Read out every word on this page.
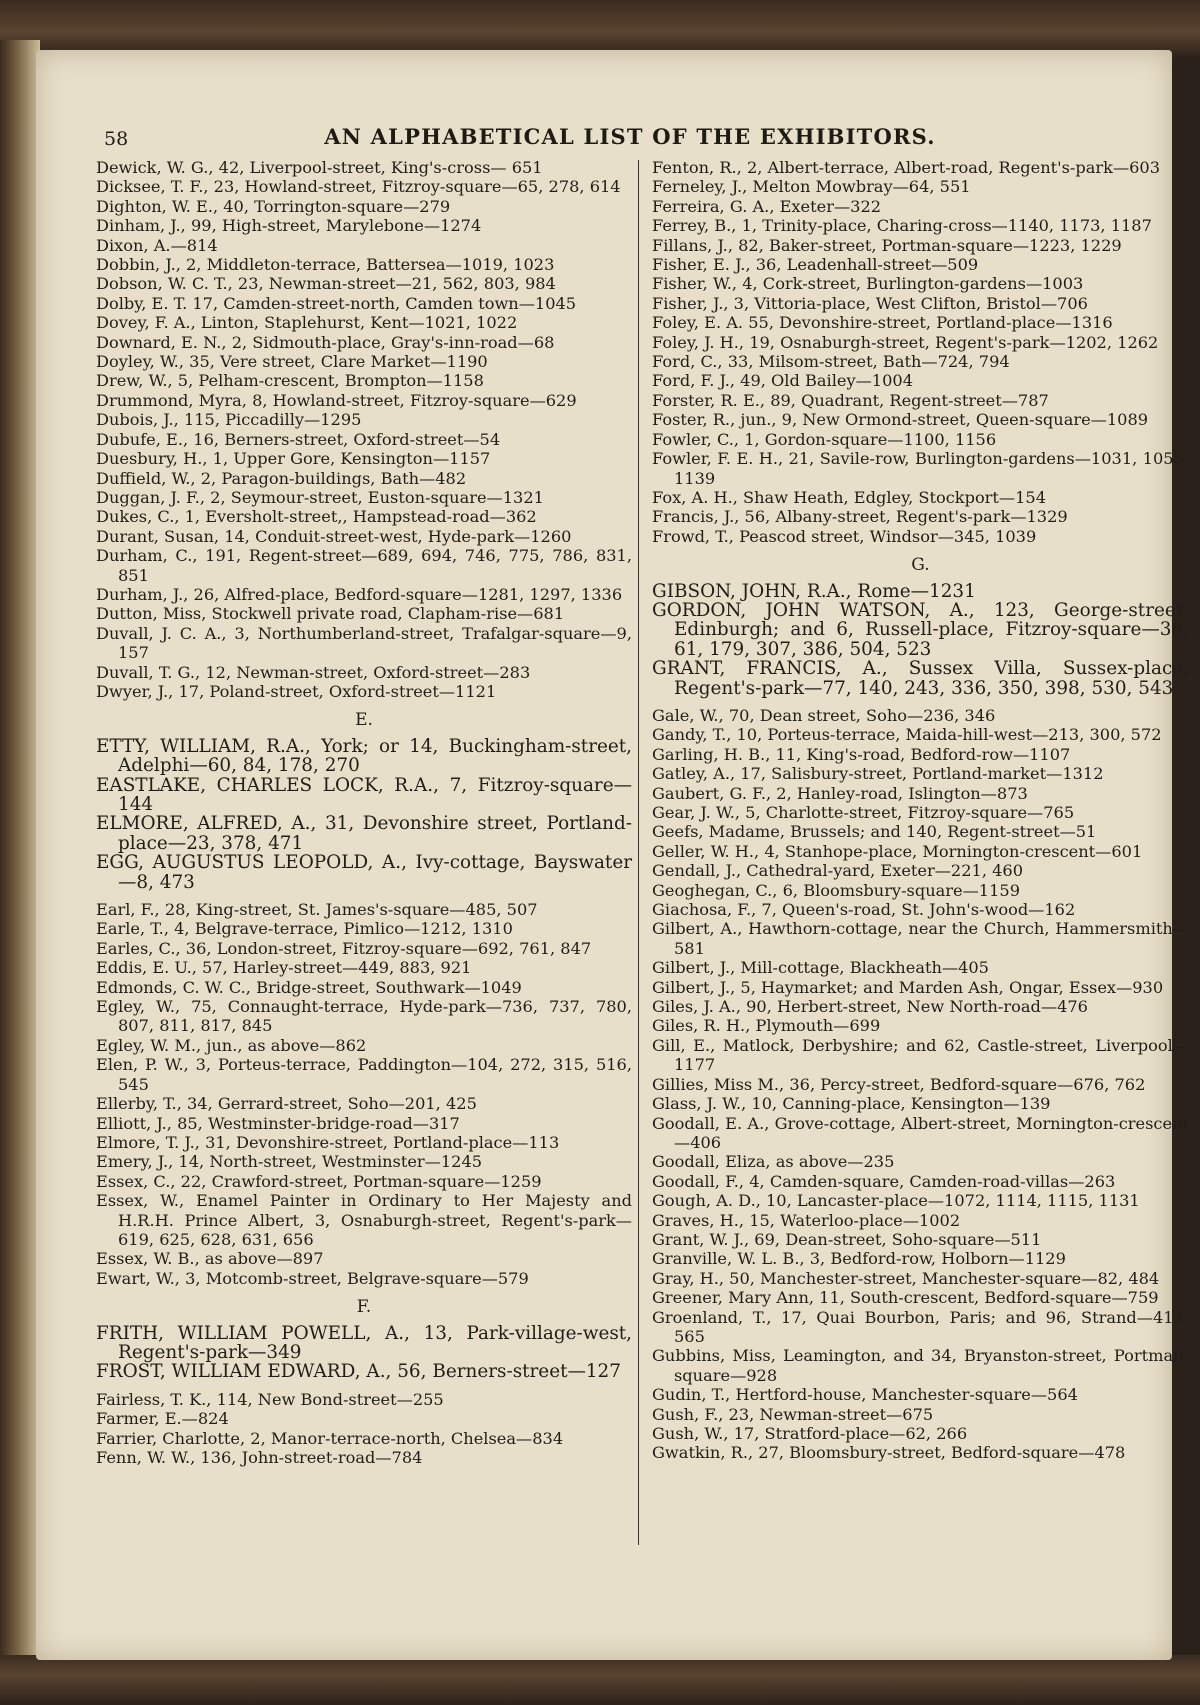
58	AN ALPHABETICAL LIST OF THE EXHIBITORS.

Dewick, W. G., 42, Liverpool-street, King's-cross— 651

Dicksee, T. F., 23, Howland-street, Fitzroy-square—65, 278, 614

Dighton, W. E., 40, Torrington-square—279

Dinham, J., 99, High-street, Marylebone—1274

Dixon, A.—814

Dobbin, J., 2, Middleton-terrace, Battersea—1019, 1023

Dobson, W. C. T., 23, Newman-street—21, 562, 803, 984

Dolby, E. T. 17, Camden-street-north, Camden town—1045

Dovey, F. A., Linton, Staplehurst, Kent—1021, 1022

Downard, E. N., 2, Sidmouth-place, Gray's-inn-road—68

Doyley, W., 35, Vere street, Clare Market—1190

Drew, W., 5, Pelham-crescent, Brompton—1158

Drummond, Myra, 8, Howland-street, Fitzroy-square—629

Dubois, J., 115, Piccadilly—1295

Dubufe, E., 16, Berners-street, Oxford-street—54

Duesbury, H., 1, Upper Gore, Kensington—1157

Duffield, W., 2, Paragon-buildings, Bath—482

Duggan, J. F., 2, Seymour-street, Euston-square—1321

Dukes, C., 1, Eversholt-street,, Hampstead-road—362

Durant, Susan, 14, Conduit-street-west, Hyde-park—1260

Durham, C., 191, Regent-street—689, 694, 746, 775, 786, 831, 851

Durham, J., 26, Alfred-place, Bedford-square—1281, 1297, 1336

Dutton, Miss, Stockwell private road, Clapham-rise—681

Duvall, J. C. A., 3, Northumberland-street, Trafalgar-square—9, 157

Duvall, T. G., 12, Newman-street, Oxford-street—283

Dwyer, J., 17, Poland-street, Oxford-street—1121

E.

ETTY, WILLIAM, R.A., York; or 14, Buckingham-street, Adelphi—60, 84, 178, 270

EASTLAKE, CHARLES LOCK, R.A., 7, Fitzroy-square—144

ELMORE, ALFRED, A., 31, Devonshire street, Portland-place—23, 378, 471

EGG, AUGUSTUS LEOPOLD, A., Ivy-cottage, Bayswater—8, 473

Earl, F., 28, King-street, St. James's-square—485, 507

Earle, T., 4, Belgrave-terrace, Pimlico—1212, 1310

Earles, C., 36, London-street, Fitzroy-square—692, 761, 847

Eddis, E. U., 57, Harley-street—449, 883, 921

Edmonds, C. W. C., Bridge-street, Southwark—1049

Egley, W., 75, Connaught-terrace, Hyde-park—736, 737, 780, 807, 811, 817, 845

Egley, W. M., jun., as above—862

Elen, P. W., 3, Porteus-terrace, Paddington—104, 272, 315, 516, 545

Ellerby, T., 34, Gerrard-street, Soho—201, 425

Elliott, J., 85, Westminster-bridge-road—317

Elmore, T. J., 31, Devonshire-street, Portland-place—113

Emery, J., 14, North-street, Westminster—1245

Essex, C., 22, Crawford-street, Portman-square—1259

Essex, W., Enamel Painter in Ordinary to Her Majesty and H.R.H. Prince Albert, 3, Osnaburgh-street, Regent's-park—619, 625, 628, 631, 656

Essex, W. B., as above—897

Ewart, W., 3, Motcomb-street, Belgrave-square—579

F.

FRITH, WILLIAM POWELL, A., 13, Park-village-west, Regent's-park—349

FROST, WILLIAM EDWARD, A., 56, Berners-street—127

Fairless, T. K., 114, New Bond-street—255

Farmer, E.—824

Farrier, Charlotte, 2, Manor-terrace-north, Chelsea—834

Fenn, W. W., 136, John-street-road—784

Fenton, R., 2, Albert-terrace, Albert-road, Regent's-park—603

Ferneley, J., Melton Mowbray—64, 551

Ferreira, G. A., Exeter—322

Ferrey, B., 1, Trinity-place, Charing-cross—1140, 1173, 1187

Fillans, J., 82, Baker-street, Portman-square—1223, 1229

Fisher, E. J., 36, Leadenhall-street—509

Fisher, W., 4, Cork-street, Burlington-gardens—1003

Fisher, J., 3, Vittoria-place, West Clifton, Bristol—706

Foley, E. A. 55, Devonshire-street, Portland-place—1316

Foley, J. H., 19, Osnaburgh-street, Regent's-park—1202, 1262

Ford, C., 33, Milsom-street, Bath—724, 794

Ford, F. J., 49, Old Bailey—1004

Forster, R. E., 89, Quadrant, Regent-street—787

Foster, R., jun., 9, New Ormond-street, Queen-square—1089

Fowler, C., 1, Gordon-square—1100, 1156

Fowler, F. E. H., 21, Savile-row, Burlington-gardens—1031, 1055, 1139

Fox, A. H., Shaw Heath, Edgley, Stockport—154

Francis, J., 56, Albany-street, Regent's-park—1329

Frowd, T., Peascod street, Windsor—345, 1039

G.

GIBSON, JOHN, R.A., Rome—1231

GORDON, JOHN WATSON, A., 123, George-street, Edinburgh; and 6, Russell-place, Fitzroy-square—36, 61, 179, 307, 386, 504, 523

GRANT, FRANCIS, A., Sussex Villa, Sussex-place, Regent's-park—77, 140, 243, 336, 350, 398, 530, 543

Gale, W., 70, Dean street, Soho—236, 346

Gandy, T., 10, Porteus-terrace, Maida-hill-west—213, 300, 572

Garling, H. B., 11, King's-road, Bedford-row—1107

Gatley, A., 17, Salisbury-street, Portland-market—1312

Gaubert, G. F., 2, Hanley-road, Islington—873

Gear, J. W., 5, Charlotte-street, Fitzroy-square—765

Geefs, Madame, Brussels; and 140, Regent-street—51

Geller, W. H., 4, Stanhope-place, Mornington-crescent—601

Gendall, J., Cathedral-yard, Exeter—221, 460

Geoghegan, C., 6, Bloomsbury-square—1159

Giachosa, F., 7, Queen's-road, St. John's-wood—162

Gilbert, A., Hawthorn-cottage, near the Church, Hammersmith—581

Gilbert, J., Mill-cottage, Blackheath—405

Gilbert, J., 5, Haymarket; and Marden Ash, Ongar, Essex—930

Giles, J. A., 90, Herbert-street, New North-road—476

Giles, R. H., Plymouth—699

Gill, E., Matlock, Derbyshire; and 62, Castle-street, Liverpool—1177

Gillies, Miss M., 36, Percy-street, Bedford-square—676, 762

Glass, J. W., 10, Canning-place, Kensington—139

Goodall, E. A., Grove-cottage, Albert-street, Mornington-crescent—406

Goodall, Eliza, as above—235

Goodall, F., 4, Camden-square, Camden-road-villas—263

Gough, A. D., 10, Lancaster-place—1072, 1114, 1115, 1131

Graves, H., 15, Waterloo-place—1002

Grant, W. J., 69, Dean-street, Soho-square—511

Granville, W. L. B., 3, Bedford-row, Holborn—1129

Gray, H., 50, Manchester-street, Manchester-square—82, 484

Greener, Mary Ann, 11, South-crescent, Bedford-square—759

Groenland, T., 17, Quai Bourbon, Paris; and 96, Strand—412, 565

Gubbins, Miss, Leamington, and 34, Bryanston-street, Portman-square—928

Gudin, T., Hertford-house, Manchester-square—564

Gush, F., 23, Newman-street—675

Gush, W., 17, Stratford-place—62, 266

Gwatkin, R., 27, Bloomsbury-street, Bedford-square—478
